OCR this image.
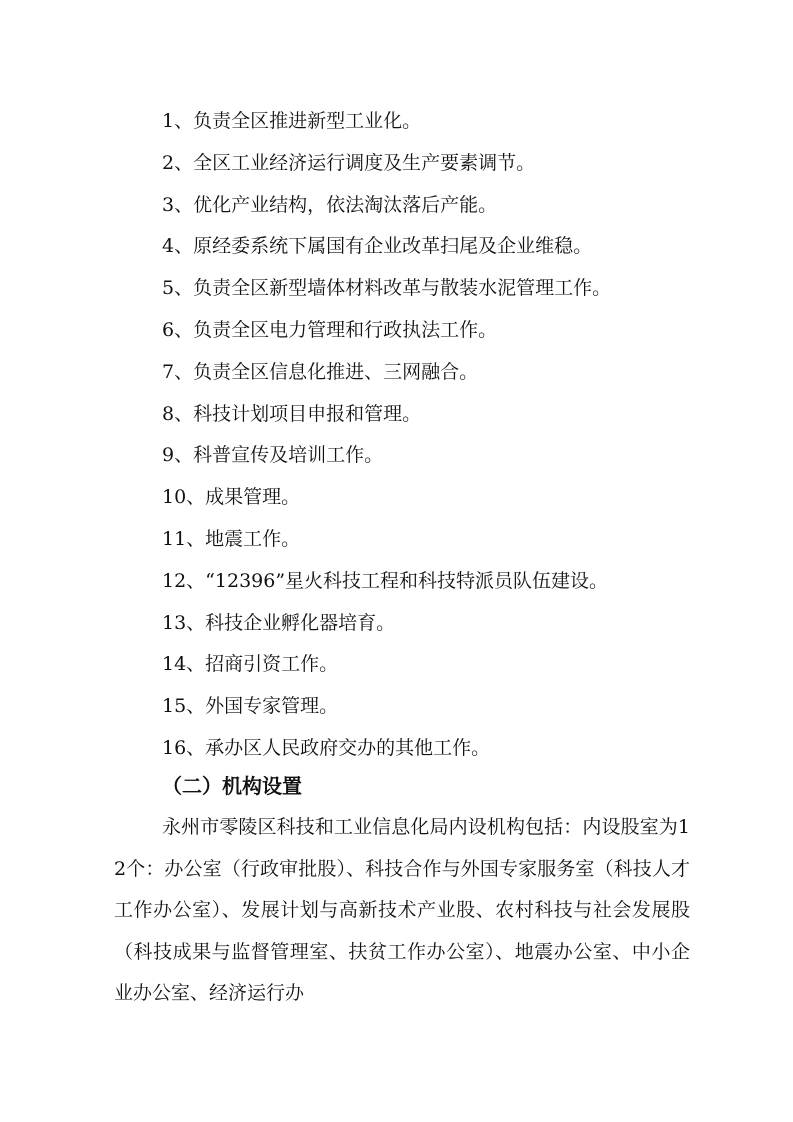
1、负责全区推进新型工业化。
2、全区工业经济运行调度及生产要素调节。
3、优化产业结构，依法淘汰落后产能。
4、原经委系统下属国有企业改革扫尾及企业维稳。
5、负责全区新型墙体材料改革与散装水泥管理工作。
6、负责全区电力管理和行政执法工作。
7、负责全区信息化推进、三网融合。
8、科技计划项目申报和管理。
9、科普宣传及培训工作。
10、成果管理。
11、地震工作。
12、“12396”星火科技工程和科技特派员队伍建设。
13、科技企业孵化器培育。
14、招商引资工作。
15、外国专家管理。
16、承办区人民政府交办的其他工作。
（二）机构设置

永州市零陵区科技和工业信息化局内设机构包括：内设股室为12个：办公室（行政审批股）、科技合作与外国专家服务室（科技人才工作办公室）、发展计划与高新技术产业股、农村科技与社会发展股（科技成果与监督管理室、扶贫工作办公室）、地震办公室、中小企业办公室、经济运行办
